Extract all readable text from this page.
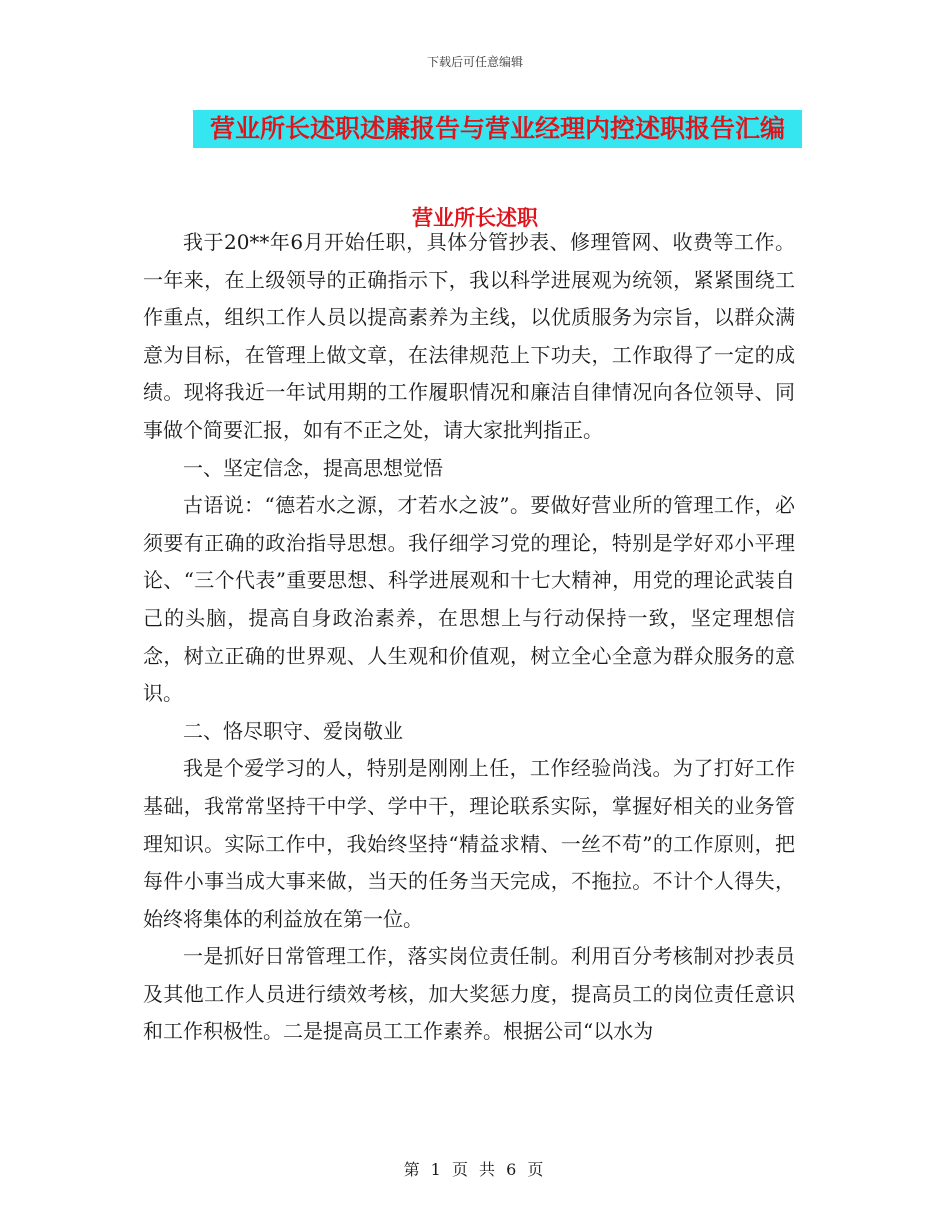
下载后可任意编辑
营业所长述职述廉报告与营业经理内控述职报告汇编
营业所长述职

我于20**年6月开始任职，具体分管抄表、修理管网、收费等工作。一年来，在上级领导的正确指示下，我以科学进展观为统领，紧紧围绕工作重点，组织工作人员以提高素养为主线，以优质服务为宗旨，以群众满意为目标，在管理上做文章，在法律规范上下功夫，工作取得了一定的成绩。现将我近一年试用期的工作履职情况和廉洁自律情况向各位领导、同事做个简要汇报，如有不正之处，请大家批判指正。

一、坚定信念，提高思想觉悟

古语说：“德若水之源，才若水之波”。要做好营业所的管理工作，必须要有正确的政治指导思想。我仔细学习党的理论，特别是学好邓小平理论、“三个代表”重要思想、科学进展观和十七大精神，用党的理论武装自己的头脑，提高自身政治素养，在思想上与行动保持一致，坚定理想信念，树立正确的世界观、人生观和价值观，树立全心全意为群众服务的意识。

二、恪尽职守、爱岗敬业

我是个爱学习的人，特别是刚刚上任，工作经验尚浅。为了打好工作基础，我常常坚持干中学、学中干，理论联系实际，掌握好相关的业务管理知识。实际工作中，我始终坚持“精益求精、一丝不苟”的工作原则，把每件小事当成大事来做，当天的任务当天完成，不拖拉。不计个人得失，始终将集体的利益放在第一位。

一是抓好日常管理工作，落实岗位责任制。利用百分考核制对抄表员及其他工作人员进行绩效考核，加大奖惩力度，提高员工的岗位责任意识和工作积极性。二是提高员工工作素养。根据公司“以水为

第 1 页 共 6 页
